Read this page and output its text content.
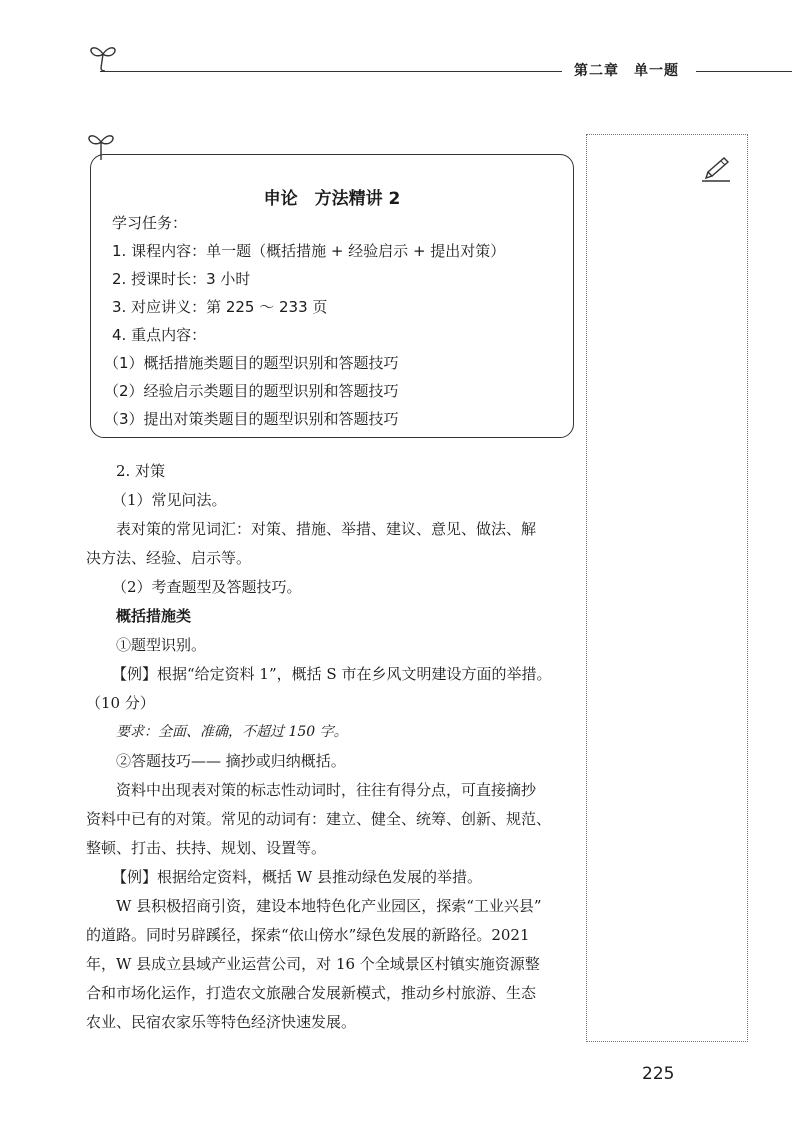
第二章　单一题
申论　方法精讲 2
学习任务：
1. 课程内容：单一题（概括措施 + 经验启示 + 提出对策）
2. 授课时长：3 小时
3. 对应讲义：第 225 ～ 233 页
4. 重点内容：
（1）概括措施类题目的题型识别和答题技巧
（2）经验启示类题目的题型识别和答题技巧
（3）提出对策类题目的题型识别和答题技巧
2. 对策
（1）常见问法。
表对策的常见词汇：对策、措施、举措、建议、意见、做法、解
决方法、经验、启示等。
（2）考查题型及答题技巧。
概括措施类
①题型识别。
【例】根据“给定资料 1”，概括 S 市在乡风文明建设方面的举措。
（10 分）
要求：全面、准确，不超过 150 字。
②答题技巧—— 摘抄或归纳概括。
资料中出现表对策的标志性动词时，往往有得分点，可直接摘抄
资料中已有的对策。常见的动词有：建立、健全、统筹、创新、规范、
整顿、打击、扶持、规划、设置等。
【例】根据给定资料，概括 W 县推动绿色发展的举措。
W 县积极招商引资，建设本地特色化产业园区，探索“工业兴县”
的道路。同时另辟蹊径，探索“依山傍水”绿色发展的新路径。2021
年，W 县成立县域产业运营公司，对 16 个全域景区村镇实施资源整
合和市场化运作，打造农文旅融合发展新模式，推动乡村旅游、生态
农业、民宿农家乐等特色经济快速发展。
225
